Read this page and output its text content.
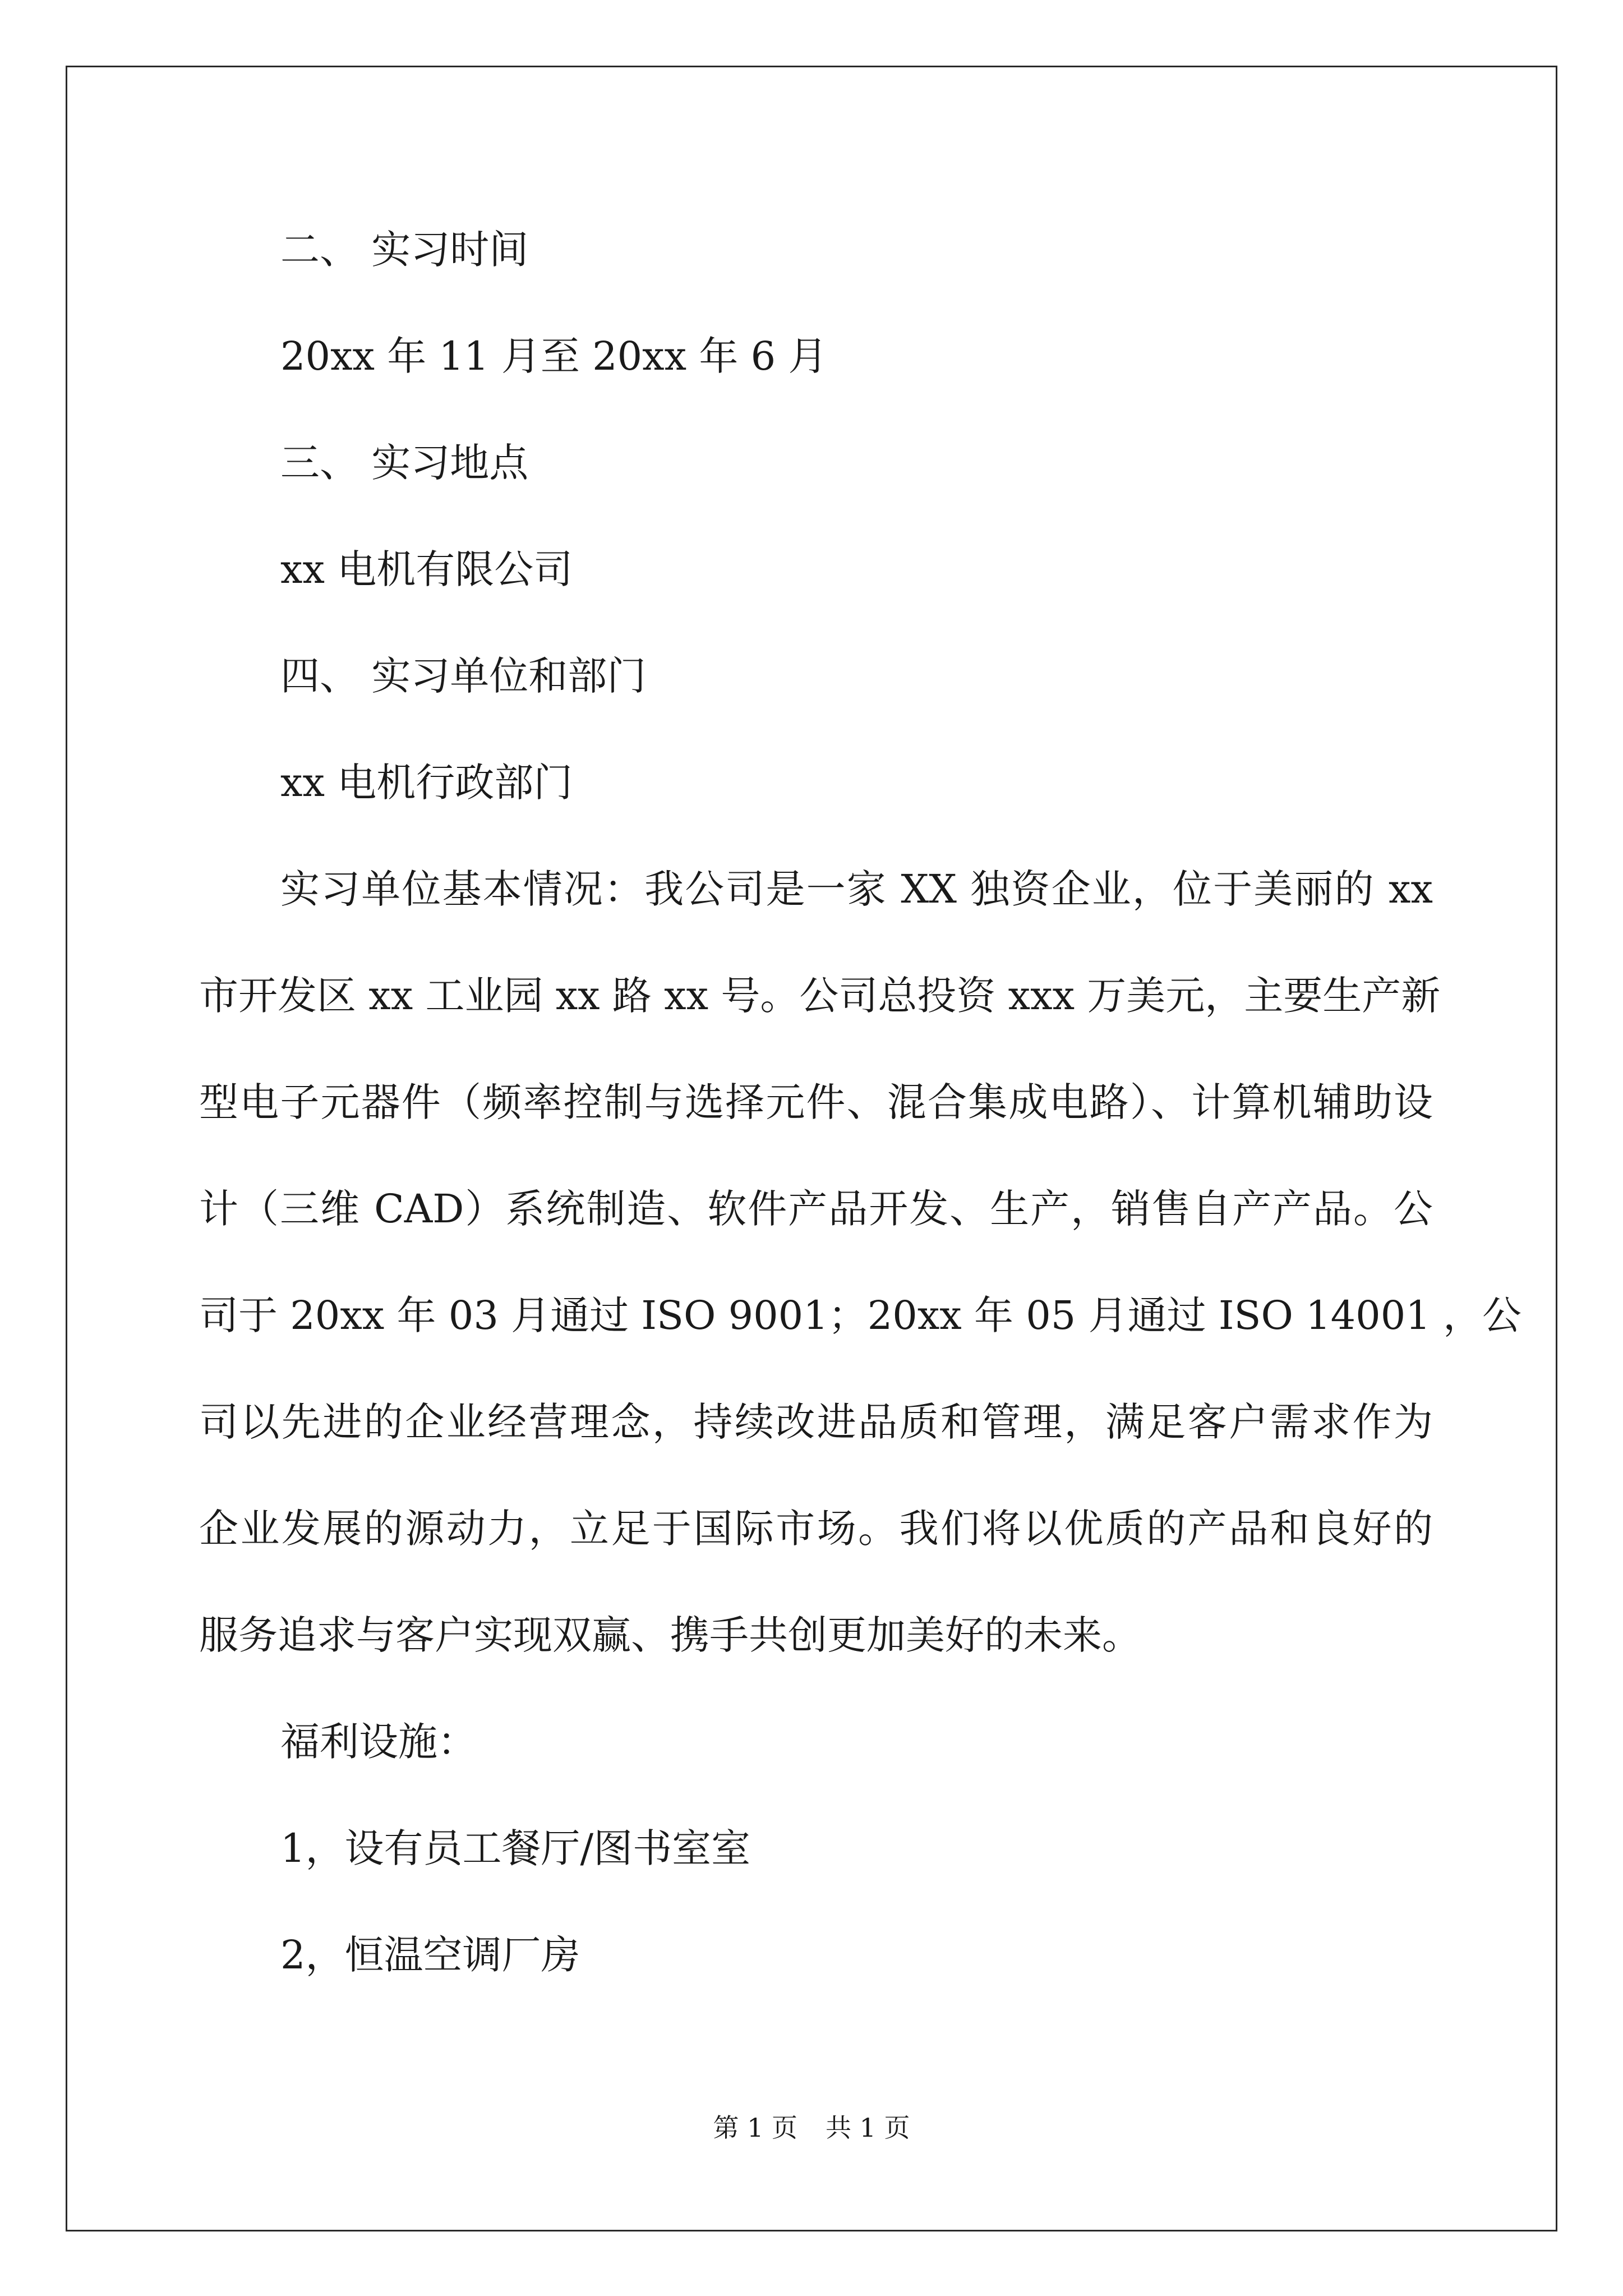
二、 实习时间
20xx 年 11 月至 20xx 年 6 月
三、 实习地点
xx 电机有限公司
四、 实习单位和部门
xx 电机行政部门
实习单位基本情况：我公司是一家 XX 独资企业，位于美丽的 xx
市开发区 xx 工业园 xx 路 xx 号。公司总投资 xxx 万美元，主要生产新
型电子元器件（频率控制与选择元件、混合集成电路）、计算机辅助设
计（三维 CAD）系统制造、软件产品开发、生产，销售自产产品。公
司于 20xx 年 03 月通过 ISO 9001；20xx 年 05 月通过 ISO 14001 ，公
司以先进的企业经营理念，持续改进品质和管理，满足客户需求作为
企业发展的源动力，立足于国际市场。我们将以优质的产品和良好的
服务追求与客户实现双赢、携手共创更加美好的未来。
福利设施：
1，设有员工餐厅/图书室室
2，恒温空调厂房
第 1 页 共 1 页
